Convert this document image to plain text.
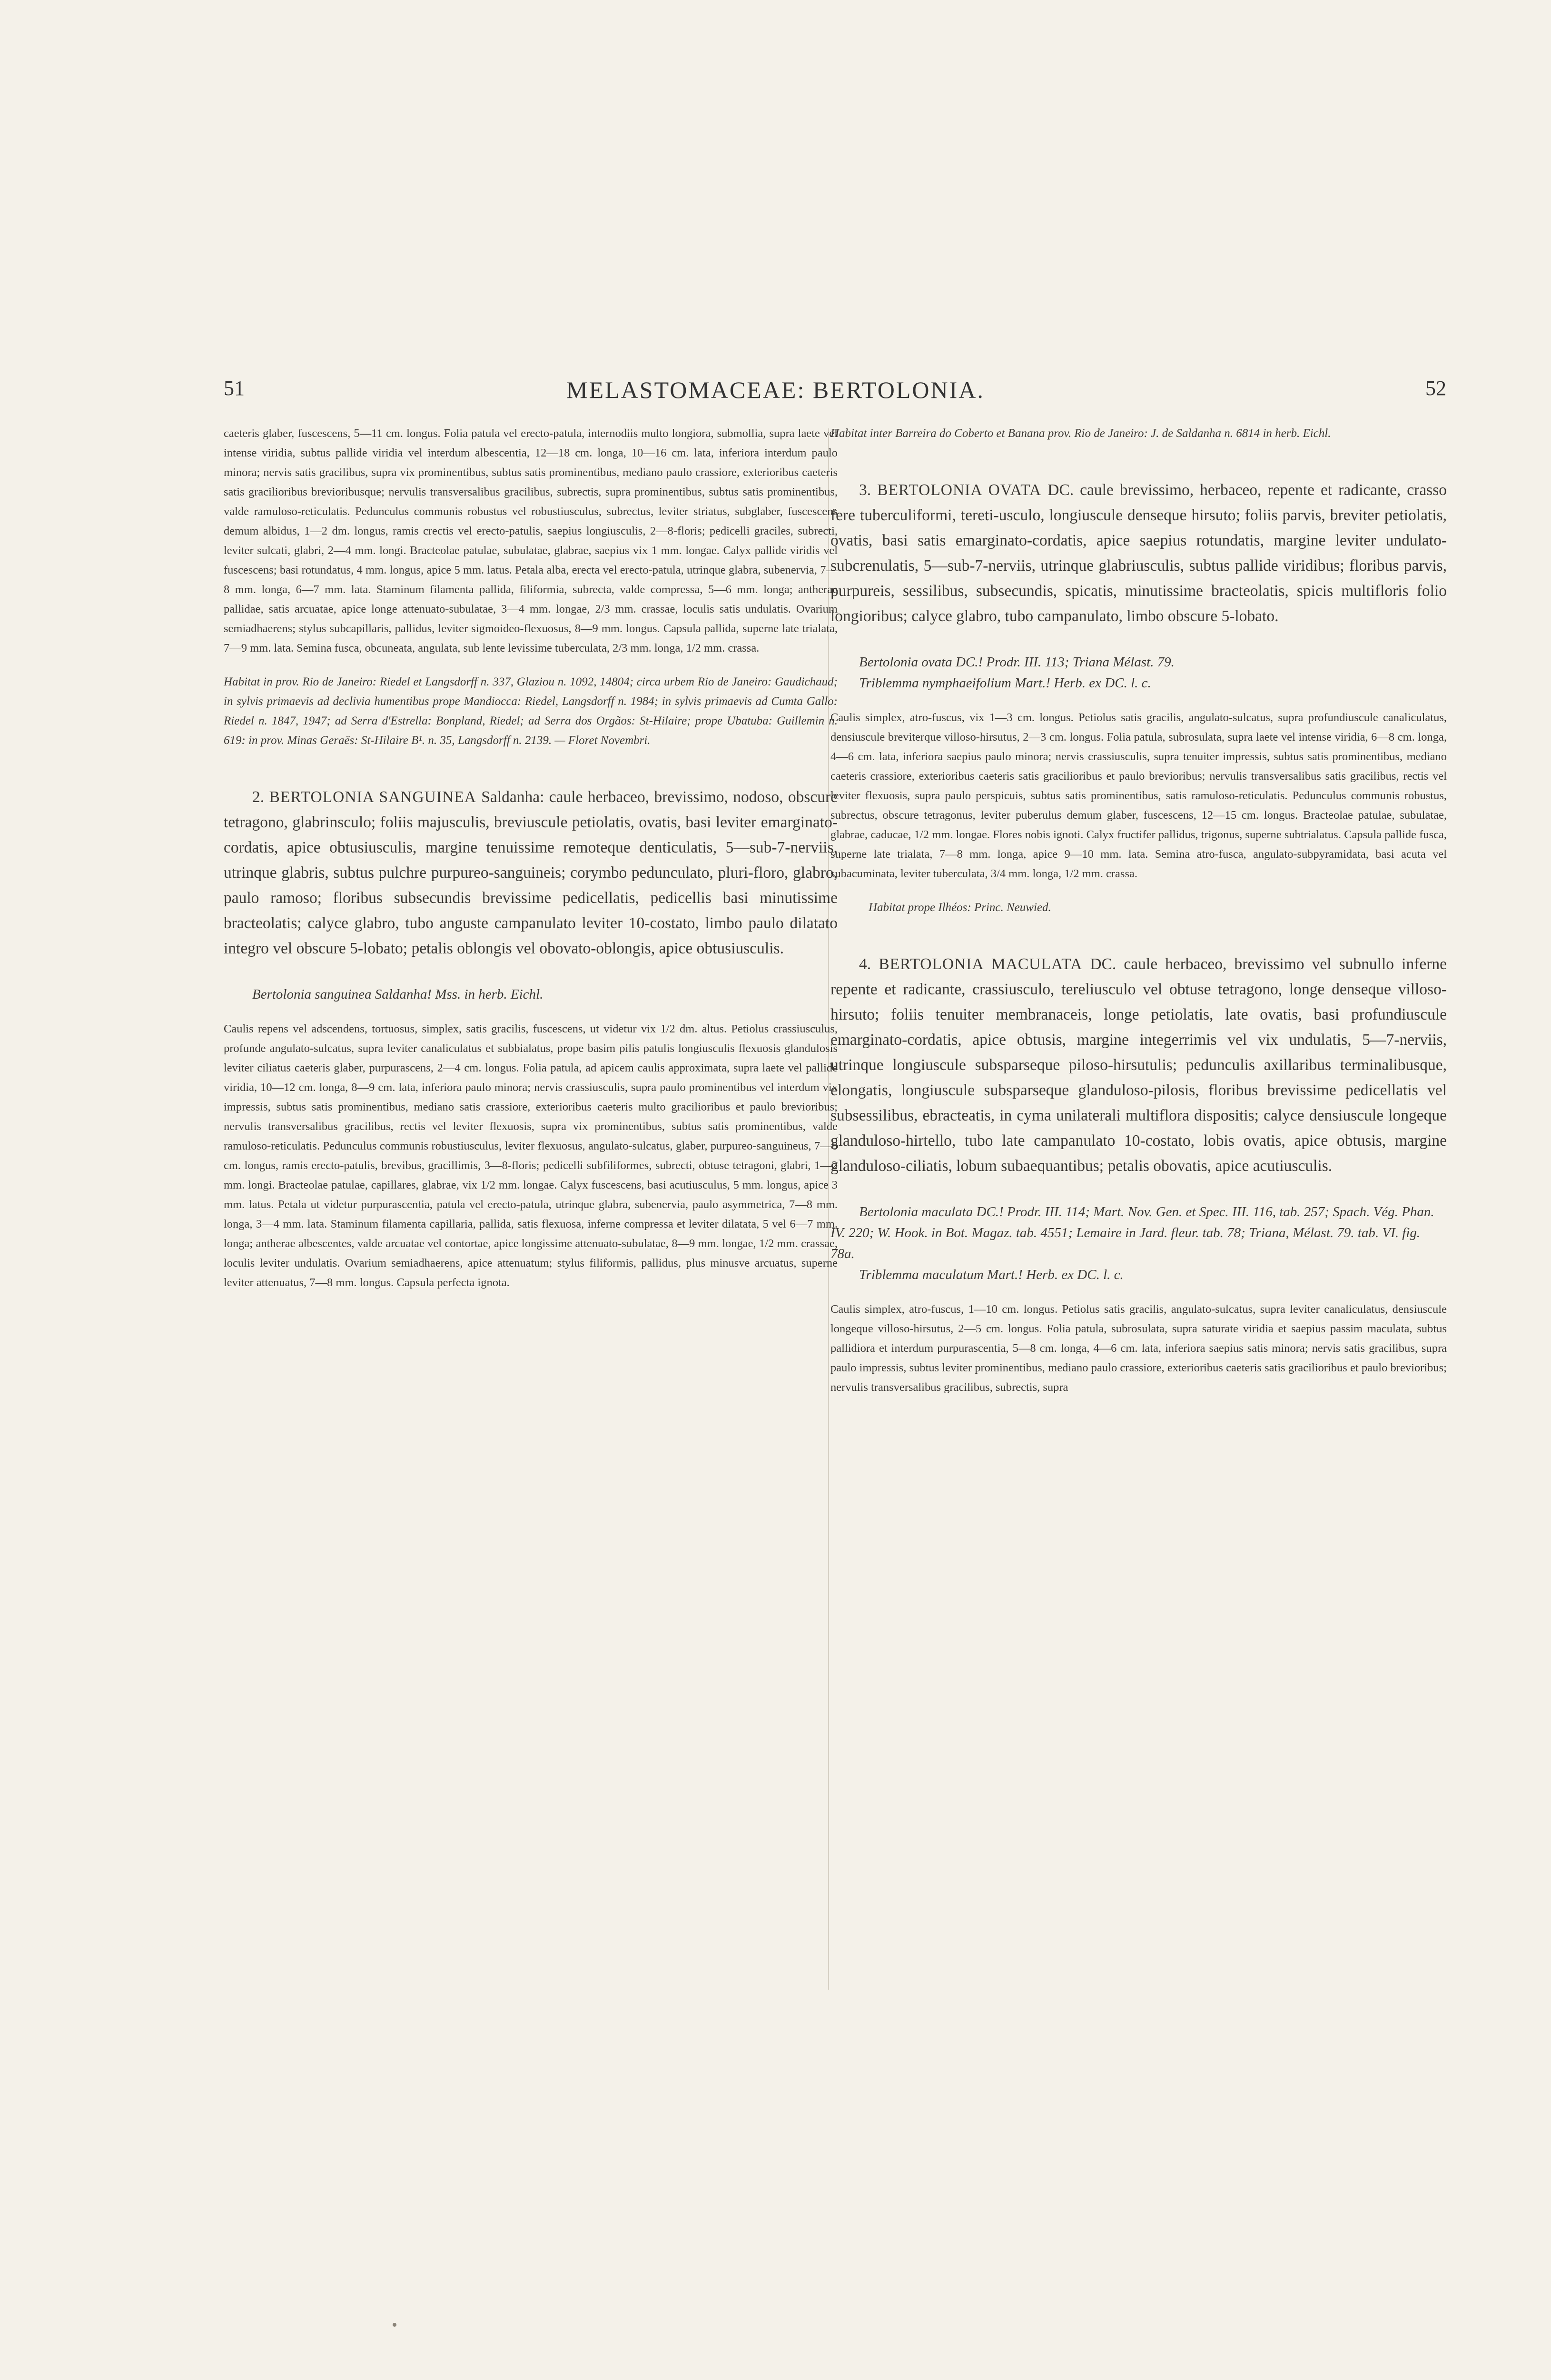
51	MELASTOMACEAE: BERTOLONIA.	52

caeteris glaber, fuscescens, 5—11 cm. longus. Folia patula vel erecto-patula, internodiis multo longiora, submollia, supra laete vel intense viridia, subtus pallide viridia vel interdum albescentia, 12—18 cm. longa, 10—16 cm. lata, inferiora interdum paulo minora; nervis satis gracilibus, supra vix prominentibus, subtus satis prominentibus, mediano paulo crassiore, exterioribus caeteris satis gracilioribus brevioribusque; nervulis transversalibus gracilibus, subrectis, supra prominentibus, subtus satis prominentibus, valde ramuloso-reticulatis. Pedunculus communis robustus vel robustiusculus, subrectus, leviter striatus, subglaber, fuscescens demum albidus, 1—2 dm. longus, ramis crectis vel erecto-patulis, saepius longiusculis, 2—8-floris; pedicelli graciles, subrecti, leviter sulcati, glabri, 2—4 mm. longi. Bracteolae patulae, subulatae, glabrae, saepius vix 1 mm. longae. Calyx pallide viridis vel fuscescens; basi rotundatus, 4 mm. longus, apice 5 mm. latus. Petala alba, erecta vel erecto-patula, utrinque glabra, subenervia, 7—8 mm. longa, 6—7 mm. lata. Staminum filamenta pallida, filiformia, subrecta, valde compressa, 5—6 mm. longa; antherae pallidae, satis arcuatae, apice longe attenuato-subulatae, 3—4 mm. longae, 2/3 mm. crassae, loculis satis undulatis. Ovarium semiadhaerens; stylus subcapillaris, pallidus, leviter sigmoideo-flexuosus, 8—9 mm. longus. Capsula pallida, superne late trialata, 7—9 mm. lata. Semina fusca, obcuneata, angulata, sub lente levissime tuberculata, 2/3 mm. longa, 1/2 mm. crassa.

Habitat in prov. Rio de Janeiro: Riedel et Langsdorff n. 337, Glaziou n. 1092, 14804; circa urbem Rio de Janeiro: Gaudichaud; in sylvis primaevis ad declivia humentibus prope Mandiocca: Riedel, Langsdorff n. 1984; in sylvis primaevis ad Cumta Gallo: Riedel n. 1847, 1947; ad Serra d'Estrella: Bonpland, Riedel; ad Serra dos Orgãos: St-Hilaire; prope Ubatuba: Guillemin n. 619: in prov. Minas Geraës: St-Hilaire B¹. n. 35, Langsdorff n. 2139. — Floret Novembri.

2. BERTOLONIA SANGUINEA Saldanha: caule herbaceo, brevissimo, nodoso, obscure tetragono, glabrinsculo; foliis majusculis, breviuscule petiolatis, ovatis, basi leviter emarginato-cordatis, apice obtusiusculis, margine tenuissime remoteque denticulatis, 5—sub-7-nerviis, utrinque glabris, subtus pulchre purpureo-sanguineis; corymbo pedunculato, pluri-floro, glabro, paulo ramoso; floribus subsecundis brevissime pedicellatis, pedicellis basi minutissime bracteolatis; calyce glabro, tubo anguste campanulato leviter 10-costato, limbo paulo dilatato integro vel obscure 5-lobato; petalis oblongis vel obovato-oblongis, apice obtusiusculis.

Bertolonia sanguinea Saldanha! Mss. in herb. Eichl.

Caulis repens vel adscendens, tortuosus, simplex, satis gracilis, fuscescens, ut videtur vix 1/2 dm. altus. Petiolus crassiusculus, profunde angulato-sulcatus, supra leviter canaliculatus et subbialatus, prope basim pilis patulis longiusculis flexuosis glandulosis leviter ciliatus caeteris glaber, purpurascens, 2—4 cm. longus. Folia patula, ad apicem caulis approximata, supra laete vel pallide viridia, 10—12 cm. longa, 8—9 cm. lata, inferiora paulo minora; nervis crassiusculis, supra paulo prominentibus vel interdum vix impressis, subtus satis prominentibus, mediano satis crassiore, exterioribus caeteris multo gracilioribus et paulo brevioribus; nervulis transversalibus gracilibus, rectis vel leviter flexuosis, supra vix prominentibus, subtus satis prominentibus, valde ramuloso-reticulatis. Pedunculus communis robustiusculus, leviter flexuosus, angulato-sulcatus, glaber, purpureo-sanguineus, 7—8 cm. longus, ramis erecto-patulis, brevibus, gracillimis, 3—8-floris; pedicelli subfiliformes, subrecti, obtuse tetragoni, glabri, 1—2 mm. longi. Bracteolae patulae, capillares, glabrae, vix 1/2 mm. longae. Calyx fuscescens, basi acutiusculus, 5 mm. longus, apice 3 mm. latus. Petala ut videtur purpurascentia, patula vel erecto-patula, utrinque glabra, subenervia, paulo asymmetrica, 7—8 mm. longa, 3—4 mm. lata. Staminum filamenta capillaria, pallida, satis flexuosa, inferne compressa et leviter dilatata, 5 vel 6—7 mm. longa; antherae albescentes, valde arcuatae vel contortae, apice longissime attenuato-subulatae, 8—9 mm. longae, 1/2 mm. crassae, loculis leviter undulatis. Ovarium semiadhaerens, apice attenuatum; stylus filiformis, pallidus, plus minusve arcuatus, superne leviter attenuatus, 7—8 mm. longus. Capsula perfecta ignota.

Habitat inter Barreira do Coberto et Banana prov. Rio de Janeiro: J. de Saldanha n. 6814 in herb. Eichl.

3. BERTOLONIA OVATA DC. caule brevissimo, herbaceo, repente et radicante, crasso fere tuberculiformi, tereti-usculo, longiuscule denseque hirsuto; foliis parvis, breviter petiolatis, ovatis, basi satis emarginato-cordatis, apice saepius rotundatis, margine leviter undulato-subcrenulatis, 5—sub-7-nerviis, utrinque glabriusculis, subtus pallide viridibus; floribus parvis, purpureis, sessilibus, subsecundis, spicatis, minutissime bracteolatis, spicis multifloris folio longioribus; calyce glabro, tubo campanulato, limbo obscure 5-lobato.

Bertolonia ovata DC.! Prodr. III. 113; Triana Mélast. 79.

Triblemma nymphaeifolium Mart.! Herb. ex DC. l. c.

Caulis simplex, atro-fuscus, vix 1—3 cm. longus. Petiolus satis gracilis, angulato-sulcatus, supra profundiuscule canaliculatus, densiuscule breviterque villoso-hirsutus, 2—3 cm. longus. Folia patula, subrosulata, supra laete vel intense viridia, 6—8 cm. longa, 4—6 cm. lata, inferiora saepius paulo minora; nervis crassiusculis, supra tenuiter impressis, subtus satis prominentibus, mediano caeteris crassiore, exterioribus caeteris satis gracilioribus et paulo brevioribus; nervulis transversalibus satis gracilibus, rectis vel leviter flexuosis, supra paulo perspicuis, subtus satis prominentibus, satis ramuloso-reticulatis. Pedunculus communis robustus, subrectus, obscure tetragonus, leviter puberulus demum glaber, fuscescens, 12—15 cm. longus. Bracteolae patulae, subulatae, glabrae, caducae, 1/2 mm. longae. Flores nobis ignoti. Calyx fructifer pallidus, trigonus, superne subtrialatus. Capsula pallide fusca, superne late trialata, 7—8 mm. longa, apice 9—10 mm. lata. Semina atro-fusca, angulato-subpyramidata, basi acuta vel subacuminata, leviter tuberculata, 3/4 mm. longa, 1/2 mm. crassa.

Habitat prope Ilhéos: Princ. Neuwied.

4. BERTOLONIA MACULATA DC. caule herbaceo, brevissimo vel subnullo inferne repente et radicante, crassiusculo, tereliusculo vel obtuse tetragono, longe denseque villoso-hirsuto; foliis tenuiter membranaceis, longe petiolatis, late ovatis, basi profundiuscule emarginato-cordatis, apice obtusis, margine integerrimis vel vix undulatis, 5—7-nerviis, utrinque longiuscule subsparseque piloso-hirsutulis; pedunculis axillaribus terminalibusque, elongatis, longiuscule subsparseque glanduloso-pilosis, floribus brevissime pedicellatis vel subsessilibus, ebracteatis, in cyma unilaterali multiflora dispositis; calyce densiuscule longeque glanduloso-hirtello, tubo late campanulato 10-costato, lobis ovatis, apice obtusis, margine glanduloso-ciliatis, lobum subaequantibus; petalis obovatis, apice acutiusculis.

Bertolonia maculata DC.! Prodr. III. 114; Mart. Nov. Gen. et Spec. III. 116, tab. 257; Spach. Vég. Phan. IV. 220; W. Hook. in Bot. Magaz. tab. 4551; Lemaire in Jard. fleur. tab. 78; Triana, Mélast. 79. tab. VI. fig. 78a.

Triblemma maculatum Mart.! Herb. ex DC. l. c.

Caulis simplex, atro-fuscus, 1—10 cm. longus. Petiolus satis gracilis, angulato-sulcatus, supra leviter canaliculatus, densiuscule longeque villoso-hirsutus, 2—5 cm. longus. Folia patula, subrosulata, supra saturate viridia et saepius passim maculata, subtus pallidiora et interdum purpurascentia, 5—8 cm. longa, 4—6 cm. lata, inferiora saepius satis minora; nervis satis gracilibus, supra paulo impressis, subtus leviter prominentibus, mediano paulo crassiore, exterioribus caeteris satis gracilioribus et paulo brevioribus; nervulis transversalibus gracilibus, subrectis, supra
